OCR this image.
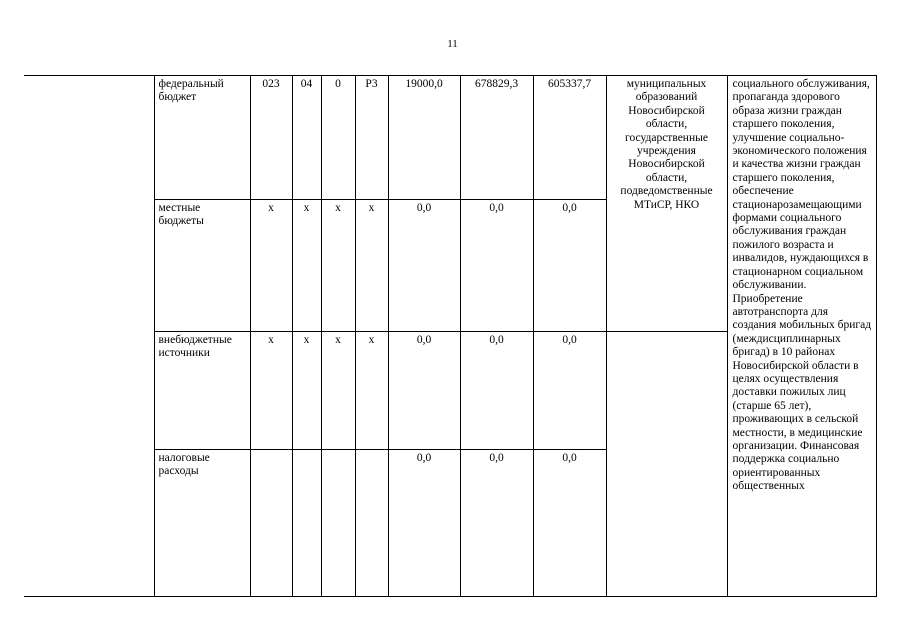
11
	федеральный бюджет	023	04	0	Р3	19000,0	678829,3	605337,7	муниципальных образований Новосибирской области, государственные учреждения Новосибирской области, подведомственные МТиСР, НКО	социального обслуживания, пропаганда здорового образа жизни граждан старшего поколения, улучшение социально-экономического положения и качества жизни граждан старшего поколения, обеспечение стационарозамещающими формами социального обслуживания граждан пожилого возраста и инвалидов, нуждающихся в стационарном социальном обслуживании. Приобретение автотранспорта для создания мобильных бригад (междисциплинарных бригад) в 10 районах Новосибирской области в целях осуществления доставки пожилых лиц (старше 65 лет), проживающих в сельской местности, в медицинские организации. Финансовая поддержка социально ориентированных общественных
	местные бюджеты	х	х	х	х	0,0	0,0	0,0		
	внебюджетные источники	х	х	х	х	0,0	0,0	0,0		
	налоговые расходы					0,0	0,0	0,0		
